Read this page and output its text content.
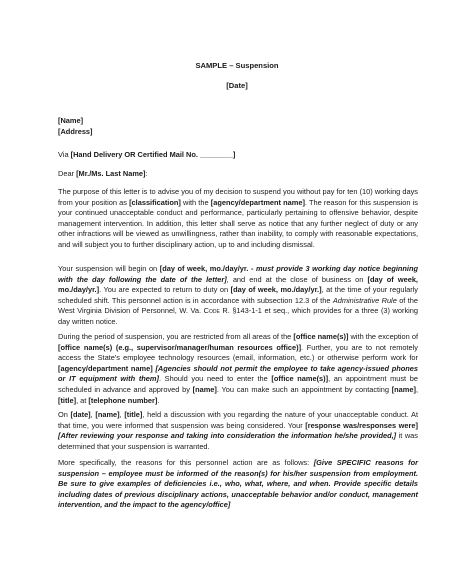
SAMPLE – Suspension
[Date]
[Name]
[Address]
Via [Hand Delivery OR Certified Mail No. ________]
Dear [Mr./Ms. Last Name]:

The purpose of this letter is to advise you of my decision to suspend you without pay for ten (10) working days from your position as [classification] with the [agency/department name]. The reason for this suspension is your continued unacceptable conduct and performance, particularly pertaining to offensive behavior, despite management intervention. In addition, this letter shall serve as notice that any further neglect of duty or any other infractions will be viewed as unwillingness, rather than inability, to comply with reasonable expectations, and will subject you to further disciplinary action, up to and including dismissal.

Your suspension will begin on [day of week, mo./day/yr. - must provide 3 working day notice beginning with the day following the date of the letter], and end at the close of business on [day of week, mo./day/yr.]. You are expected to return to duty on [day of week, mo./day/yr.], at the time of your regularly scheduled shift. This personnel action is in accordance with subsection 12.3 of the Administrative Rule of the West Virginia Division of Personnel, W. Va. Code R. §143-1-1 et seq., which provides for a three (3) working day written notice.

During the period of suspension, you are restricted from all areas of the [office name(s)] with the exception of [office name(s) (e.g., supervisor/manager/human resources office)]. Further, you are to not remotely access the State's employee technology resources (email, information, etc.) or otherwise perform work for [agency/department name] [Agencies should not permit the employee to take agency-issued phones or IT equipment with them]. Should you need to enter the [office name(s)], an appointment must be scheduled in advance and approved by [name]. You can make such an appointment by contacting [name], [title], at [telephone number].

On [date], [name], [title], held a discussion with you regarding the nature of your unacceptable conduct. At that time, you were informed that suspension was being considered. Your [response was/responses were] [After reviewing your response and taking into consideration the information he/she provided,] it was determined that your suspension is warranted.

More specifically, the reasons for this personnel action are as follows: [Give SPECIFIC reasons for suspension – employee must be informed of the reason(s) for his/her suspension from employment. Be sure to give examples of deficiencies i.e., who, what, where, and when. Provide specific details including dates of previous disciplinary actions, unacceptable behavior and/or conduct, management intervention, and the impact to the agency/office]
